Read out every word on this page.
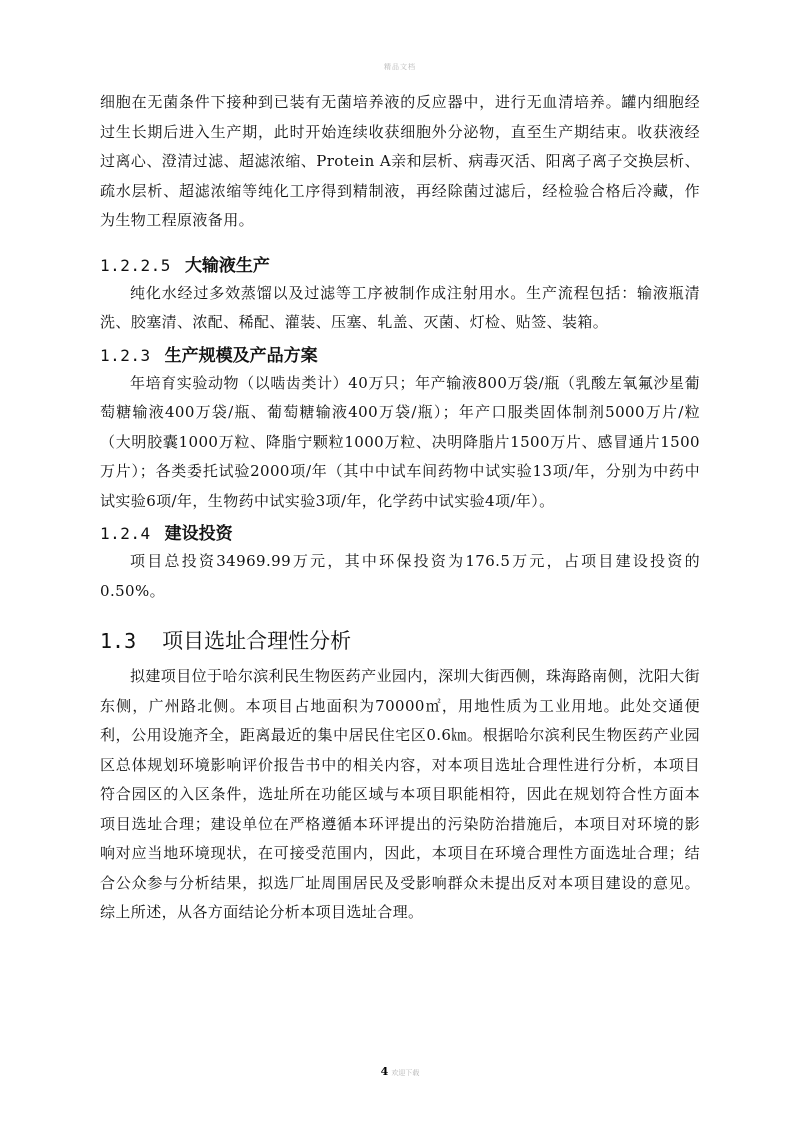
精品文档

细胞在无菌条件下接种到已装有无菌培养液的反应器中，进行无血清培养。罐内细胞经过生长期后进入生产期，此时开始连续收获细胞外分泌物，直至生产期结束。收获液经过离心、澄清过滤、超滤浓缩、Protein A亲和层析、病毒灭活、阳离子离子交换层析、疏水层析、超滤浓缩等纯化工序得到精制液，再经除菌过滤后，经检验合格后冷藏，作为生物工程原液备用。

1.2.2.5 大输液生产

纯化水经过多效蒸馏以及过滤等工序被制作成注射用水。生产流程包括：输液瓶清洗、胶塞清、浓配、稀配、灌装、压塞、轧盖、灭菌、灯检、贴签、装箱。

1.2.3 生产规模及产品方案

年培育实验动物（以啮齿类计）40万只；年产输液800万袋/瓶（乳酸左氧氟沙星葡萄糖输液400万袋/瓶、葡萄糖输液400万袋/瓶）；年产口服类固体制剂5000万片/粒（大明胶囊1000万粒、降脂宁颗粒1000万粒、决明降脂片1500万片、感冒通片1500万片）；各类委托试验2000项/年（其中中试车间药物中试实验13项/年，分别为中药中试实验6项/年，生物药中试实验3项/年，化学药中试实验4项/年）。

1.2.4 建设投资

项目总投资34969.99万元，其中环保投资为176.5万元，占项目建设投资的0.50%。

1.3 项目选址合理性分析

拟建项目位于哈尔滨利民生物医药产业园内，深圳大街西侧，珠海路南侧，沈阳大街东侧，广州路北侧。本项目占地面积为70000㎡，用地性质为工业用地。此处交通便利，公用设施齐全，距离最近的集中居民住宅区0.6㎞。根据哈尔滨利民生物医药产业园区总体规划环境影响评价报告书中的相关内容，对本项目选址合理性进行分析，本项目符合园区的入区条件，选址所在功能区域与本项目职能相符，因此在规划符合性方面本项目选址合理；建设单位在严格遵循本环评提出的污染防治措施后，本项目对环境的影响对应当地环境现状，在可接受范围内，因此，本项目在环境合理性方面选址合理；结合公众参与分析结果，拟选厂址周围居民及受影响群众未提出反对本项目建设的意见。综上所述，从各方面结论分析本项目选址合理。

4 欢迎下载
